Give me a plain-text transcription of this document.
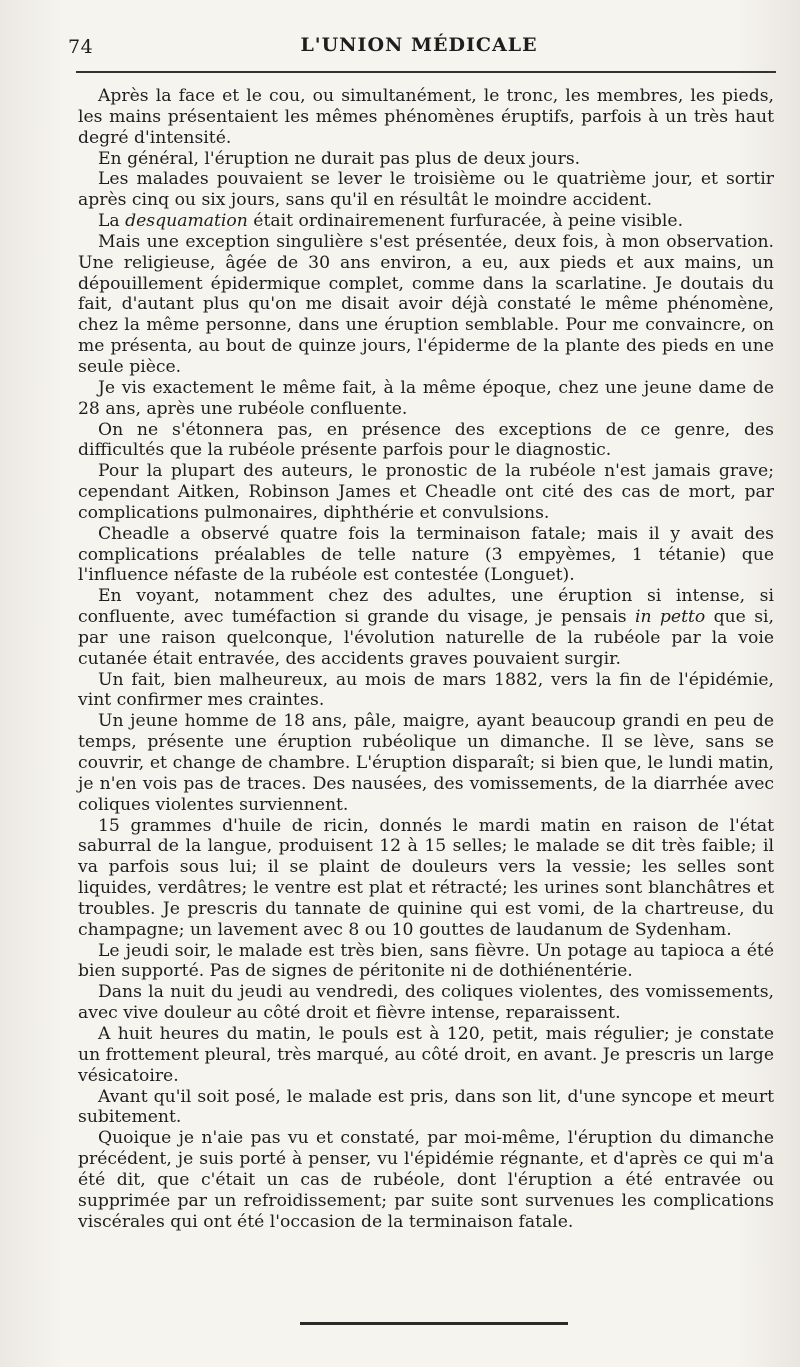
74	L'UNION MÉDICALE

Après la face et le cou, ou simultanément, le tronc, les membres, les pieds, les mains présentaient les mêmes phénomènes éruptifs, parfois à un très haut degré d'intensité.

En général, l'éruption ne durait pas plus de deux jours.

Les malades pouvaient se lever le troisième ou le quatrième jour, et sortir après cinq ou six jours, sans qu'il en résultât le moindre accident.

La desquamation était ordinairemenent furfuracée, à peine visible.

Mais une exception singulière s'est présentée, deux fois, à mon observation. Une religieuse, âgée de 30 ans environ, a eu, aux pieds et aux mains, un dépouillement épidermique complet, comme dans la scarlatine. Je doutais du fait, d'autant plus qu'on me disait avoir déjà constaté le même phénomène, chez la même personne, dans une éruption semblable. Pour me convaincre, on me présenta, au bout de quinze jours, l'épiderme de la plante des pieds en une seule pièce.

Je vis exactement le même fait, à la même époque, chez une jeune dame de 28 ans, après une rubéole confluente.

On ne s'étonnera pas, en présence des exceptions de ce genre, des difficultés que la rubéole présente parfois pour le diagnostic.

Pour la plupart des auteurs, le pronostic de la rubéole n'est jamais grave; cependant Aitken, Robinson James et Cheadle ont cité des cas de mort, par complications pulmonaires, diphthérie et convulsions.

Cheadle a observé quatre fois la terminaison fatale; mais il y avait des complications préalables de telle nature (3 empyèmes, 1 tétanie) que l'influence néfaste de la rubéole est contestée (Longuet).

En voyant, notamment chez des adultes, une éruption si intense, si confluente, avec tuméfaction si grande du visage, je pensais in petto que si, par une raison quelconque, l'évolution naturelle de la rubéole par la voie cutanée était entravée, des accidents graves pouvaient surgir.

Un fait, bien malheureux, au mois de mars 1882, vers la fin de l'épidémie, vint confirmer mes craintes.

Un jeune homme de 18 ans, pâle, maigre, ayant beaucoup grandi en peu de temps, présente une éruption rubéolique un dimanche. Il se lève, sans se couvrir, et change de chambre. L'éruption disparaît; si bien que, le lundi matin, je n'en vois pas de traces. Des nausées, des vomissements, de la diarrhée avec coliques violentes surviennent.

15 grammes d'huile de ricin, donnés le mardi matin en raison de l'état saburral de la langue, produisent 12 à 15 selles; le malade se dit très faible; il va parfois sous lui; il se plaint de douleurs vers la vessie; les selles sont liquides, verdâtres; le ventre est plat et rétracté; les urines sont blanchâtres et troubles. Je prescris du tannate de quinine qui est vomi, de la chartreuse, du champagne; un lavement avec 8 ou 10 gouttes de laudanum de Sydenham.

Le jeudi soir, le malade est très bien, sans fièvre. Un potage au tapioca a été bien supporté. Pas de signes de péritonite ni de dothiénentérie.

Dans la nuit du jeudi au vendredi, des coliques violentes, des vomissements, avec vive douleur au côté droit et fièvre intense, reparaissent.

A huit heures du matin, le pouls est à 120, petit, mais régulier; je constate un frottement pleural, très marqué, au côté droit, en avant. Je prescris un large vésicatoire.

Avant qu'il soit posé, le malade est pris, dans son lit, d'une syncope et meurt subitement.

Quoique je n'aie pas vu et constaté, par moi-même, l'éruption du dimanche précédent, je suis porté à penser, vu l'épidémie régnante, et d'après ce qui m'a été dit, que c'était un cas de rubéole, dont l'éruption a été entravée ou supprimée par un refroidissement; par suite sont survenues les complications viscérales qui ont été l'occasion de la terminaison fatale.
